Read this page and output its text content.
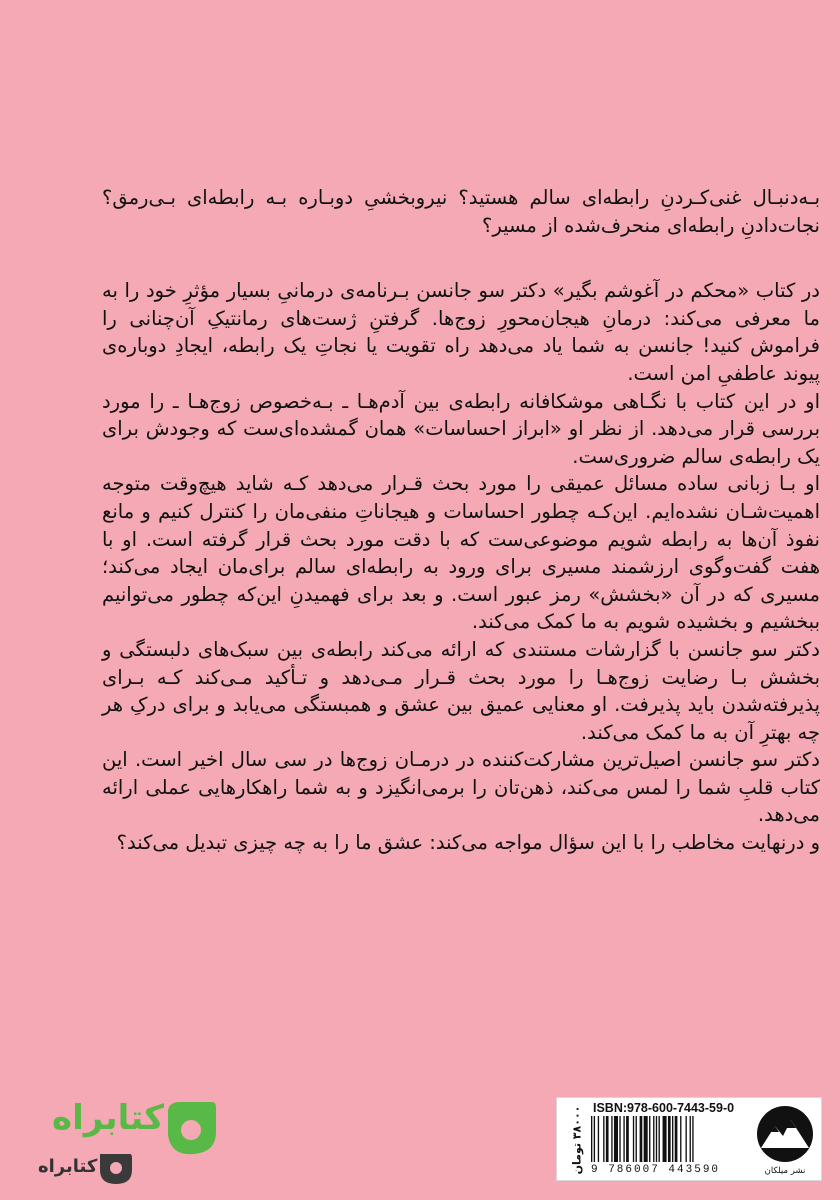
بـه‌دنبـال غنی‌کـردنِ رابطه‌ای سالم هستید؟ نیروبخشیِ دوبـاره بـه رابطه‌ای بـی‌رمق؟ نجات‌دادنِ رابطه‌ای منحرف‌شده از مسیر؟

در کتاب «محکم در آغوشم بگیر» دکتر سو جانسن بـرنامه‌ی درمانیِ بسیار مؤثرِ خود را به ما معرفی می‌کند: درمانِ هیجان‌محورِ زوج‌ها. گرفتنِ ژست‌های رمانتیکِ آن‌چنانی را فراموش کنید! جانسن به شما یاد می‌دهد راه تقویت یا نجاتِ یک رابطه، ایجادِ دوباره‌ی پیوند عاطفیِ امن است.

او در این کتاب با نگـاهی موشکافانه رابطه‌ی بین آدم‌هـا ـ بـه‌خصوص زوج‌هـا ـ را مورد بررسی قرار می‌دهد. از نظر او «ابراز احساسات» همان گمشده‌ای‌ست که وجودش برای یک رابطه‌ی سالم ضروری‌ست.

او بـا زبانی ساده مسائل عمیقی را مورد بحث قـرار می‌دهد کـه شاید هیچ‌وقت متوجه اهمیت‌شـان نشده‌ایم. این‌کـه چطور احساسات و هیجاناتِ منفی‌مان را کنترل کنیم و مانع نفوذ آن‌ها به رابطه شویم موضوعی‌ست که با دقت مورد بحث قرار گرفته است. او با هفت گفت‌وگوی ارزشمند مسیری برای ورود به رابطه‌ای سالم برای‌مان ایجاد می‌کند؛ مسیری که در آن «بخشش» رمز عبور است. و بعد برای فهمیدنِ این‌که چطور می‌توانیم ببخشیم و بخشیده شویم به ما کمک می‌کند.

دکتر سو جانسن با گزارشات مستندی که ارائه می‌کند رابطه‌ی بین سبک‌های دلبستگی و بخشش بـا رضایت زوج‌هـا را مورد بحث قـرار مـی‌دهد و تـأکید مـی‌کند کـه بـرای پذیرفته‌شدن باید پذیرفت. او معنایی عمیق بین عشق و همبستگی می‌یابد و برای درکِ هر چه بهترِ آن به ما کمک می‌کند.

دکتر سو جانسن اصیل‌ترین مشارکت‌کننده در درمـان زوج‌ها در سی سال اخیر است. این کتاب قلبِ شما را لمس می‌کند، ذهن‌تان را برمی‌انگیزد و به شما راهکارهایی عملی ارائه می‌دهد.

و درنهایت مخاطب را با این سؤال مواجه می‌کند: عشق ما را به چه چیزی تبدیل می‌کند؟

کتابراه
کتابراه	۳۸۰۰۰ تومان ISBN:978-600-7443-59-0
9 786007 443590	نشر میلکان
